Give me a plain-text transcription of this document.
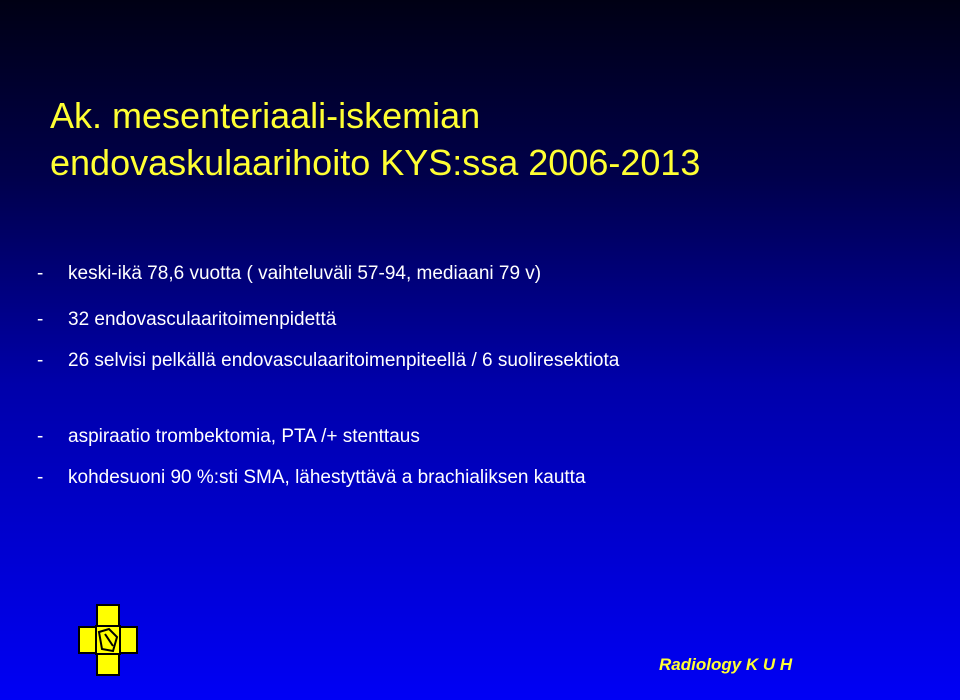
Ak. mesenteriaali-iskemian
endovaskulaarihoito KYS:ssa 2006-2013
- keski-ikä 78,6 vuotta ( vaihteluväli 57-94, mediaani 79 v)
- 32 endovasculaaritoimenpidettä
- 26 selvisi pelkällä endovasculaaritoimenpiteellä / 6 suoliresektiota
- aspiraatio trombektomia, PTA /+ stenttaus
- kohdesuoni 90 %:sti SMA, lähestyttävä a brachialiksen kautta
Radiology K U H
